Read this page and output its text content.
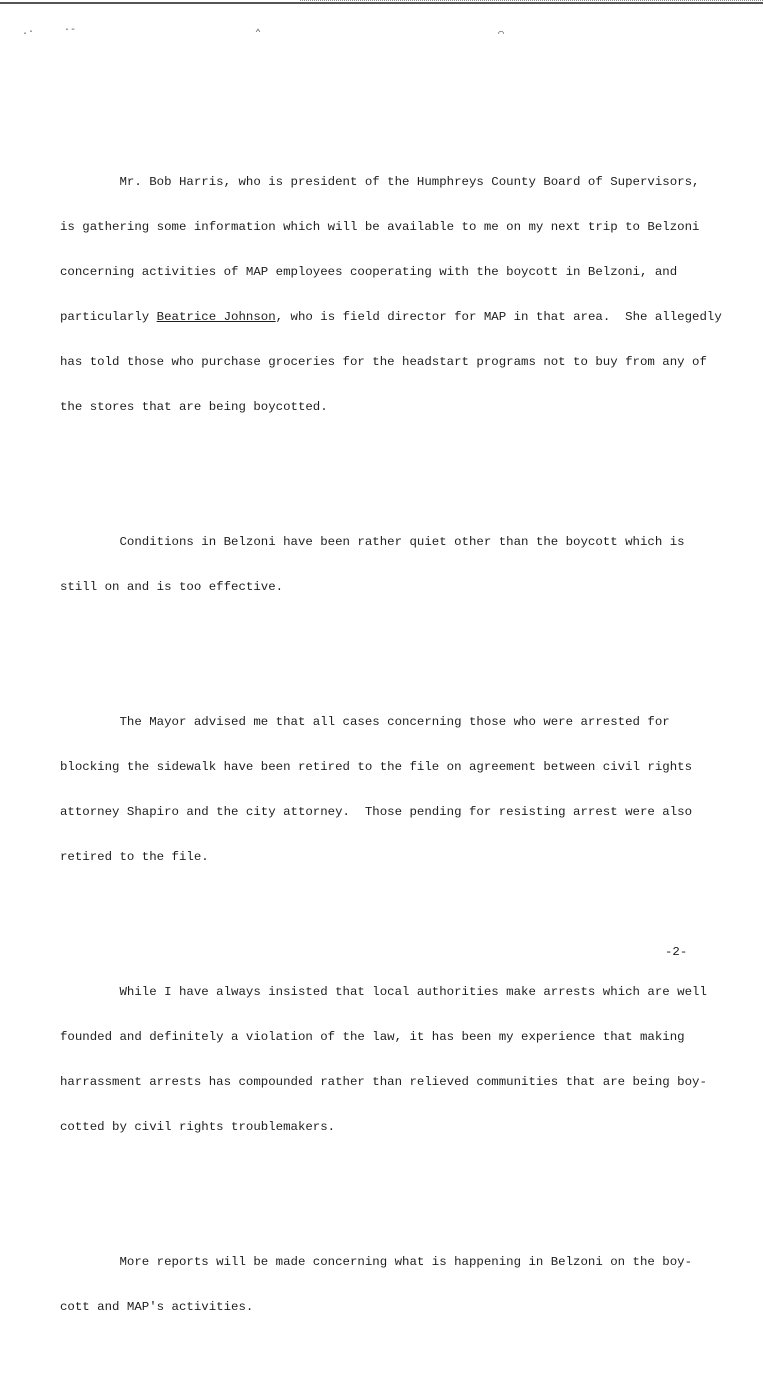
.·	·‐	⌃	⌒

Mr. Bob Harris, who is president of the Humphreys County Board of Supervisors,

is gathering some information which will be available to me on my next trip to Belzoni

concerning activities of MAP employees cooperating with the boycott in Belzoni, and

particularly Beatrice Johnson, who is field director for MAP in that area.  She allegedly

has told those who purchase groceries for the headstart programs not to buy from any of

the stores that are being boycotted.

Conditions in Belzoni have been rather quiet other than the boycott which is

still on and is too effective.

The Mayor advised me that all cases concerning those who were arrested for

blocking the sidewalk have been retired to the file on agreement between civil rights

attorney Shapiro and the city attorney.  Those pending for resisting arrest were also

retired to the file.

While I have always insisted that local authorities make arrests which are well

founded and definitely a violation of the law, it has been my experience that making

harrassment arrests has compounded rather than relieved communities that are being boy-

cotted by civil rights troublemakers.

More reports will be made concerning what is happening in Belzoni on the boy-

cott and MAP's activities.

-2-
